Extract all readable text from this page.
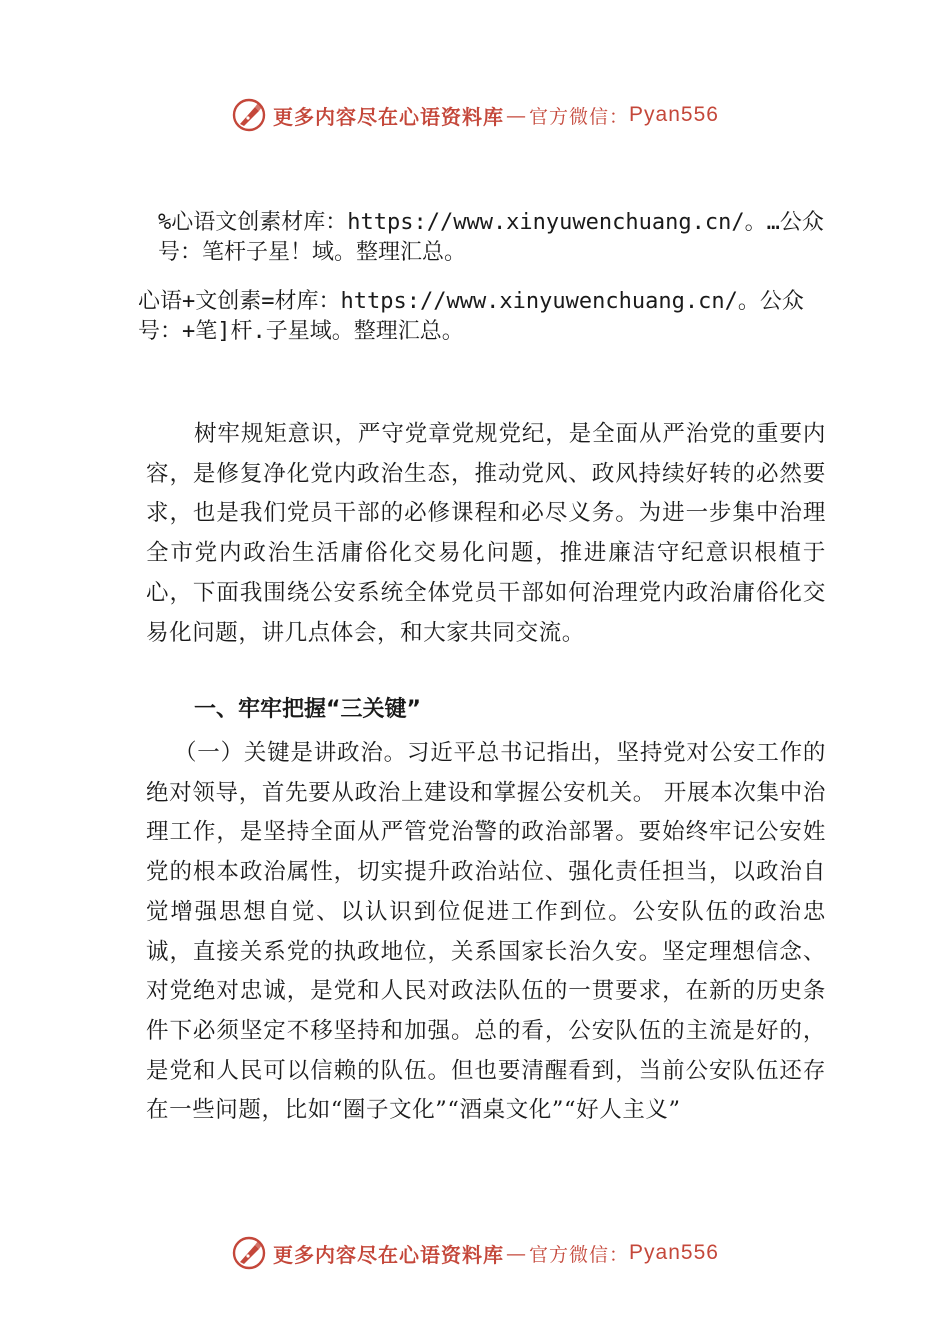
更多内容尽在心语资料库 — 官方微信： Pyan556
%心语文创素材库：https://www.xinyuwenchuang.cn/。…公众号：笔杆子星！域。整理汇总。
心语+文创素=材库：https://www.xinyuwenchuang.cn/。公众号：+笔]杆.子星域。整理汇总。

树牢规矩意识，严守党章党规党纪，是全面从严治党的重要内容，是修复净化党内政治生态，推动党风、政风持续好转的必然要求，也是我们党员干部的必修课程和必尽义务。为进一步集中治理全市党内政治生活庸俗化交易化问题，推进廉洁守纪意识根植于心，下面我围绕公安系统全体党员干部如何治理党内政治庸俗化交易化问题，讲几点体会，和大家共同交流。

一、牢牢把握“三关键”

（一）关键是讲政治。习近平总书记指出，坚持党对公安工作的绝对领导，首先要从政治上建设和掌握公安机关。 开展本次集中治理工作，是坚持全面从严管党治警的政治部署。要始终牢记公安姓党的根本政治属性，切实提升政治站位、强化责任担当，以政治自觉增强思想自觉、以认识到位促进工作到位。公安队伍的政治忠诚，直接关系党的执政地位，关系国家长治久安。坚定理想信念、对党绝对忠诚，是党和人民对政法队伍的一贯要求，在新的历史条件下必须坚定不移坚持和加强。总的看，公安队伍的主流是好的，是党和人民可以信赖的队伍。但也要清醒看到，当前公安队伍还存在一些问题，比如“圈子文化”“酒桌文化”“好人主义”

更多内容尽在心语资料库 — 官方微信： Pyan556
